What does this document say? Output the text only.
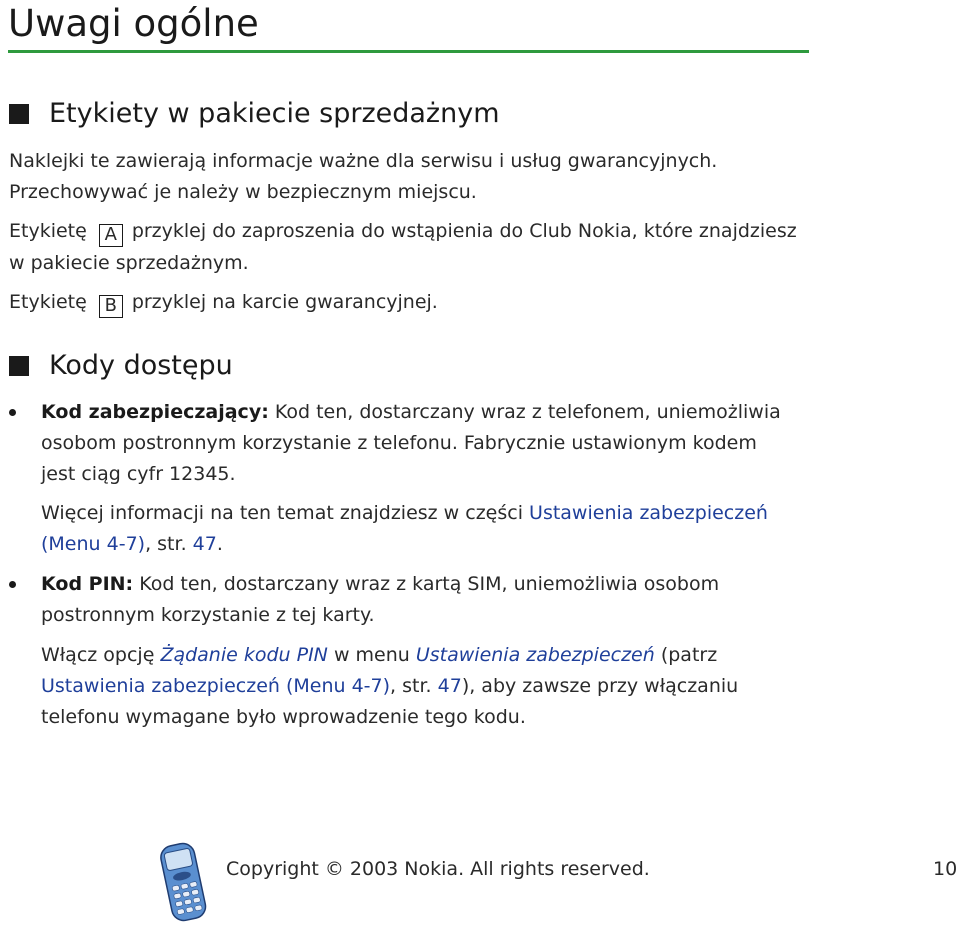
Uwagi ogólne
Etykiety w pakiecie sprzedażnym
Naklejki te zawierają informacje ważne dla serwisu i usług gwarancyjnych.
Przechowywać je należy w bezpiecznym miejscu.
Etykietę A przyklej do zaproszenia do wstąpienia do Club Nokia, które znajdziesz
w pakiecie sprzedażnym.
Etykietę B przyklej na karcie gwarancyjnej.
Kody dostępu
Kod zabezpieczający: Kod ten, dostarczany wraz z telefonem, uniemożliwia
osobom postronnym korzystanie z telefonu. Fabrycznie ustawionym kodem
jest ciąg cyfr 12345.
Więcej informacji na ten temat znajdziesz w części Ustawienia zabezpieczeń
(Menu 4-7), str. 47.
Kod PIN: Kod ten, dostarczany wraz z kartą SIM, uniemożliwia osobom
postronnym korzystanie z tej karty.
Włącz opcję Żądanie kodu PIN w menu Ustawienia zabezpieczeń (patrz
Ustawienia zabezpieczeń (Menu 4-7), str. 47), aby zawsze przy włączaniu
telefonu wymagane było wprowadzenie tego kodu.
Copyright © 2003 Nokia. All rights reserved.	10
